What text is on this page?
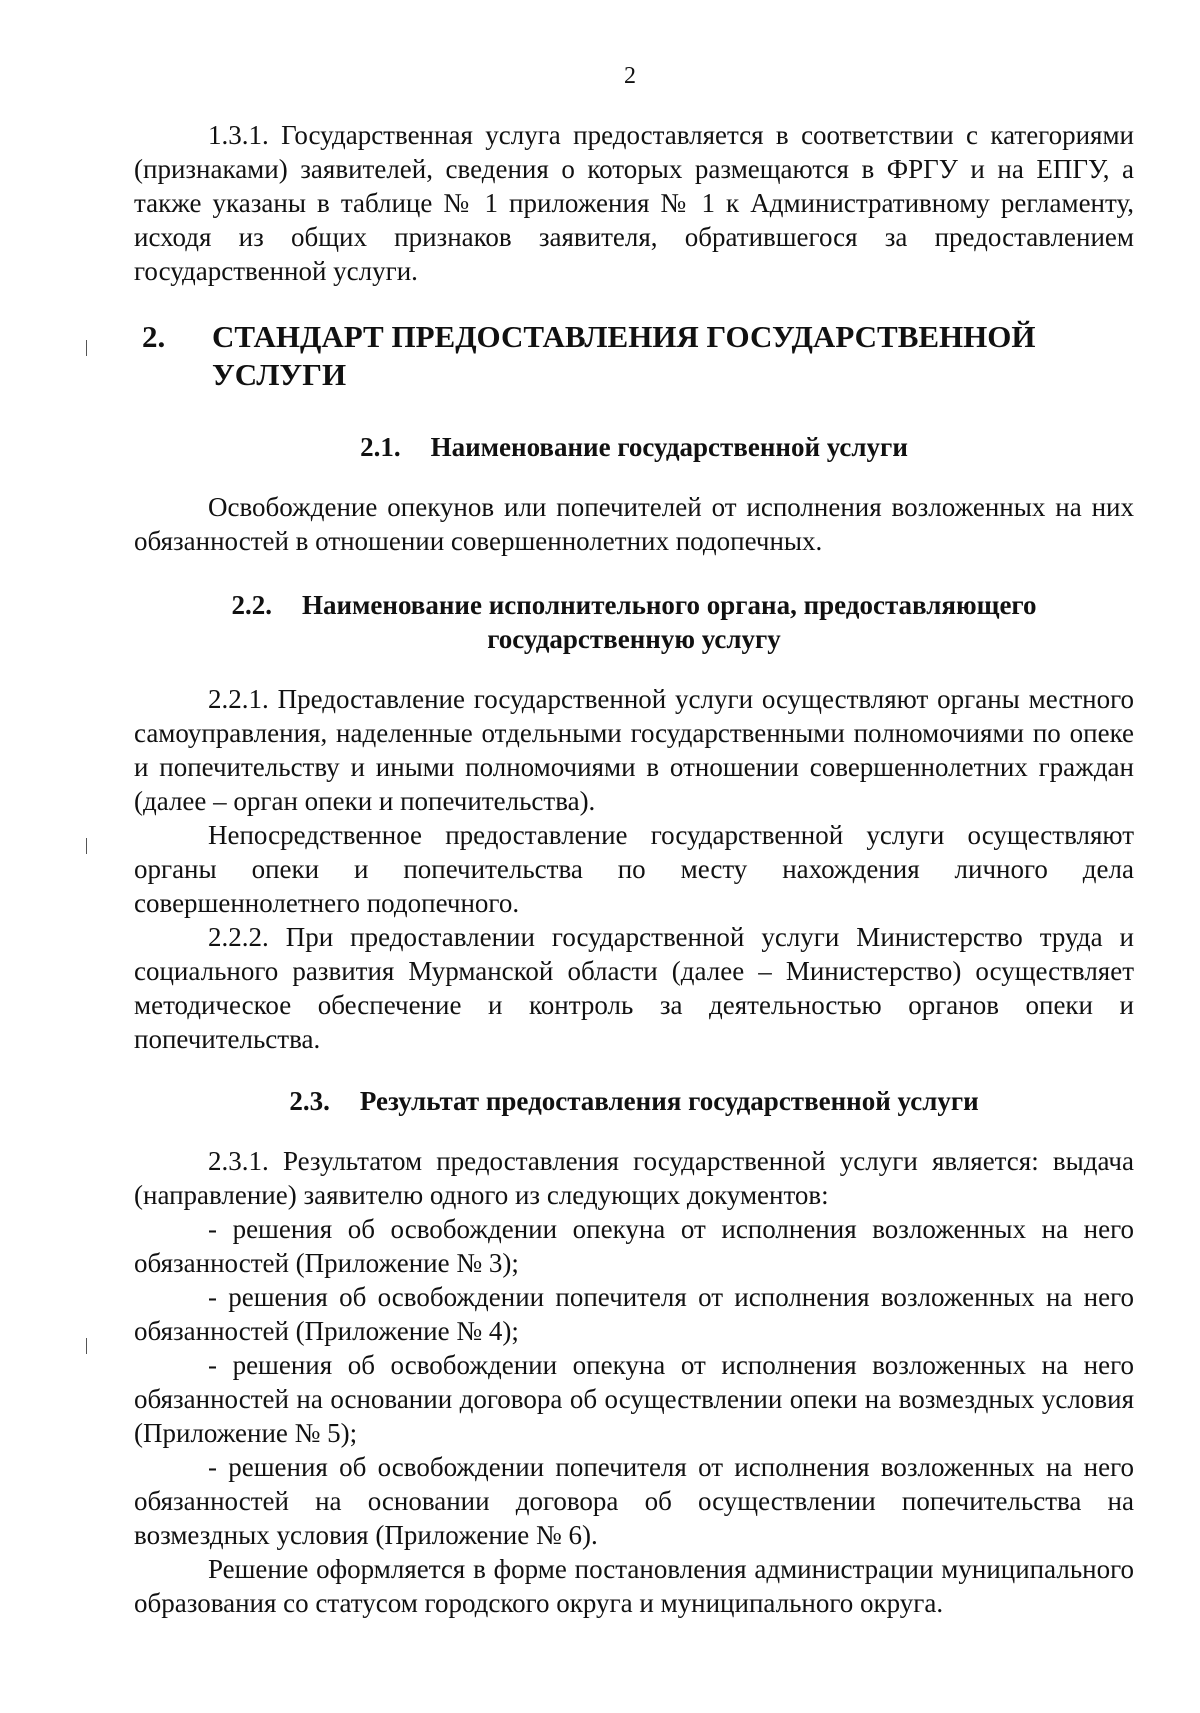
2

1.3.1. Государственная услуга предоставляется в соответствии с категориями (признаками) заявителей, сведения о которых размещаются в ФРГУ и на ЕПГУ, а также указаны в таблице № 1 приложения № 1 к Административному регламенту, исходя из общих признаков заявителя, обратившегося за предоставлением государственной услуги.

2.	СТАНДАРТ ПРЕДОСТАВЛЕНИЯ ГОСУДАРСТВЕННОЙ УСЛУГИ
2.1. Наименование государственной услуги

Освобождение опекунов или попечителей от исполнения возложенных на них обязанностей в отношении совершеннолетних подопечных.

2.2. Наименование исполнительного органа, предоставляющего
государственную услугу

2.2.1. Предоставление государственной услуги осуществляют органы местного самоуправления, наделенные отдельными государственными полномочиями по опеке и попечительству и иными полномочиями в отношении совершеннолетних граждан (далее – орган опеки и попечительства).

Непосредственное предоставление государственной услуги осуществляют органы опеки и попечительства по месту нахождения личного дела совершеннолетнего подопечного.

2.2.2. При предоставлении государственной услуги Министерство труда и социального развития Мурманской области (далее – Министерство) осуществляет методическое обеспечение и контроль за деятельностью органов опеки и попечительства.

2.3. Результат предоставления государственной услуги

2.3.1. Результатом предоставления государственной услуги является: выдача (направление) заявителю одного из следующих документов:

- решения об освобождении опекуна от исполнения возложенных на него обязанностей (Приложение № 3);

- решения об освобождении попечителя от исполнения возложенных на него обязанностей (Приложение № 4);

- решения об освобождении опекуна от исполнения возложенных на него обязанностей на основании договора об осуществлении опеки на возмездных условия (Приложение № 5);

- решения об освобождении попечителя от исполнения возложенных на него обязанностей на основании договора об осуществлении попечительства на возмездных условия (Приложение № 6).

Решение оформляется в форме постановления администрации муниципального образования со статусом городского округа и муниципального округа.
